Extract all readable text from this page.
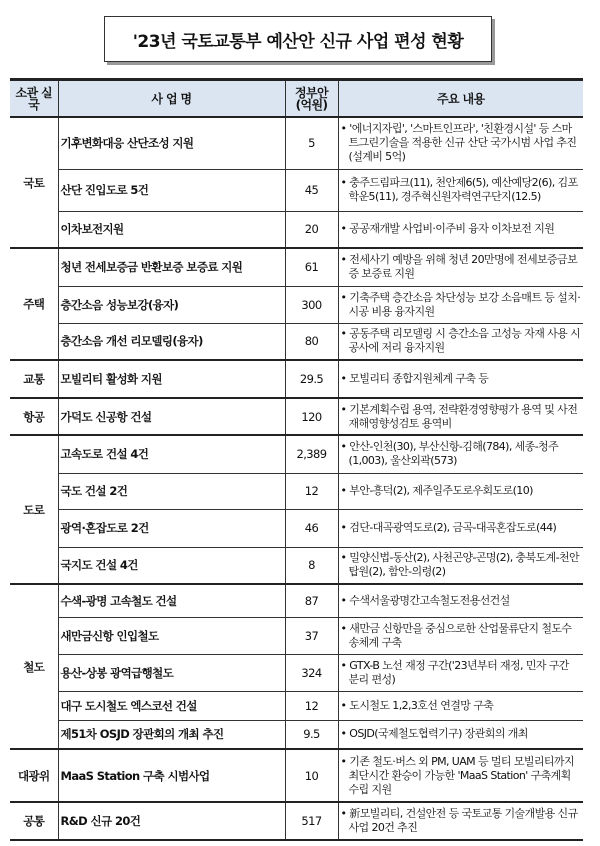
'23년 국토교통부 예산안 신규 사업 편성 현황
소관 실국	사 업 명	정부안 (억원)	주요 내용
국토	기후변화대응 산단조성 지원	5	• '에너지자립', '스마트인프라', '친환경시설' 등 스마트그린기술을 적용한 신규 산단 국가시범 사업 추진(설계비 5억)
	산단 진입도로 5건	45	• 충주드림파크(11), 천안제6(5), 예산예당2(6), 김포학운5(11), 경주혁신원자력연구단지(12.5)
	이차보전지원	20	• 공공재개발 사업비·이주비 융자 이차보전 지원
주택	청년 전세보증금 반환보증 보증료 지원	61	• 전세사기 예방을 위해 청년 20만명에 전세보증금보증 보증료 지원
	층간소음 성능보강(융자)	300	• 기축주택 층간소음 차단성능 보강 소음매트 등 설치·시공 비용 융자지원
	층간소음 개선 리모델링(융자)	80	• 공동주택 리모델링 시 층간소음 고성능 자재 사용 시공사에 저리 융자지원
교통	모빌리티 활성화 지원	29.5	• 모빌리티 종합지원체계 구축 등
항공	가덕도 신공항 건설	120	• 기본계획수립 용역, 전략환경영향평가 용역 및 사전재해영향성검토 용역비
도로	고속도로 건설 4건	2,389	• 안산-인천(30), 부산신항-김해(784), 세종-청주(1,003), 울산외곽(573)
	국도 건설 2건	12	• 부안-흥덕(2), 제주일주도로우회도로(10)
	광역·혼잡도로 2건	46	• 검단-대곡광역도로(2), 금곡-대곡혼잡도로(44)
	국지도 건설 4건	8	• 밀양신법-동산(2), 사천곤양-곤명(2), 충북도계-천안탑원(2), 함안-의령(2)
철도	수색-광명 고속철도 건설	87	• 수색서울광명간고속철도전용선건설
	새만금신항 인입철도	37	• 새만금 신항만을 중심으로한 산업물류단지 철도수송체계 구축
	용산-상봉 광역급행철도	324	• GTX-B 노선 재정 구간('23년부터 재정, 민자 구간 분리 편성)
	대구 도시철도 엑스코선 건설	12	• 도시철도 1,2,3호선 연결망 구축
	제51차 OSJD 장관회의 개최 추진	9.5	• OSJD(국제철도협력기구) 장관회의 개최
대광위	MaaS Station 구축 시범사업	10	• 기존 철도·버스 외 PM, UAM 등 멀티 모빌리티까지 최단시간 환승이 가능한 'MaaS Station' 구축계획 수립 지원
공통	R&D 신규 20건	517	• 新모빌리티, 건설안전 등 국토교통 기술개발용 신규사업 20건 추진
